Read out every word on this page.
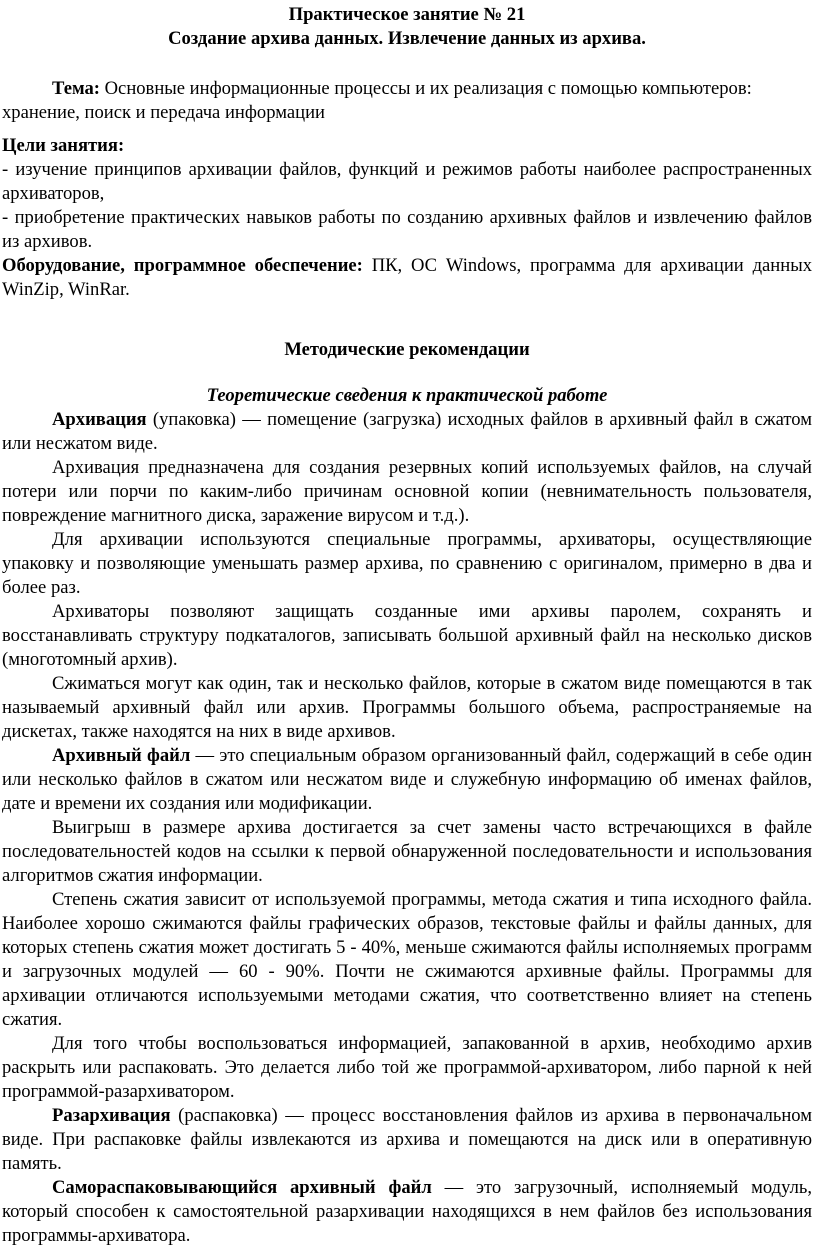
Практическое занятие № 21

Создание архива данных. Извлечение данных из архива.

Тема: Основные информационные процессы и их реализация с помощью компьютеров: хранение, поиск и передача информации

Цели занятия:

- изучение принципов архивации файлов, функций и режимов работы наиболее распространенных архиваторов,

- приобретение практических навыков работы по созданию архивных файлов и извлечению файлов из архивов.

Оборудование, программное обеспечение: ПК, ОС Windows, программа для архивации данных WinZip, WinRar.

Методические рекомендации

Теоретические сведения к практической работе

Архивация (упаковка) — помещение (загрузка) исходных файлов в архивный файл в сжатом или несжатом виде.

Архивация предназначена для создания резервных копий используемых файлов, на случай потери или порчи по каким-либо причинам основной копии (невнимательность пользователя, повреждение магнитного диска, заражение вирусом и т.д.).

Для архивации используются специальные программы, архиваторы, осуществляющие упаковку и позволяющие уменьшать размер архива, по сравнению с оригиналом, примерно в два и более раз.

Архиваторы позволяют защищать созданные ими архивы паролем, сохранять и восстанавливать структуру подкаталогов, записывать большой архивный файл на несколько дисков (многотомный архив).

Сжиматься могут как один, так и несколько файлов, которые в сжатом виде помещаются в так называемый архивный файл или архив. Программы большого объема, распространяемые на дискетах, также находятся на них в виде архивов.

Архивный файл — это специальным образом организованный файл, содержащий в себе один или несколько файлов в сжатом или несжатом виде и служебную информацию об именах файлов, дате и времени их создания или модификации.

Выигрыш в размере архива достигается за счет замены часто встречающихся в файле последовательностей кодов на ссылки к первой обнаруженной последовательности и использования алгоритмов сжатия информации.

Степень сжатия зависит от используемой программы, метода сжатия и типа исходного файла. Наиболее хорошо сжимаются файлы графических образов, текстовые файлы и файлы данных, для которых степень сжатия может достигать 5 - 40%, меньше сжимаются файлы исполняемых программ и загрузочных модулей — 60 - 90%. Почти не сжимаются архивные файлы. Программы для архивации отличаются используемыми методами сжатия, что соответственно влияет на степень сжатия.

Для того чтобы воспользоваться информацией, запакованной в архив, необходимо архив раскрыть или распаковать. Это делается либо той же программой-архиватором, либо парной к ней программой-разархиватором.

Разархивация (распаковка) — процесс восстановления файлов из архива в первоначальном виде. При распаковке файлы извлекаются из архива и помещаются на диск или в оперативную память.

Самораспаковывающийся архивный файл — это загрузочный, исполняемый модуль, который способен к самостоятельной разархивации находящихся в нем файлов без использования программы-архиватора.
